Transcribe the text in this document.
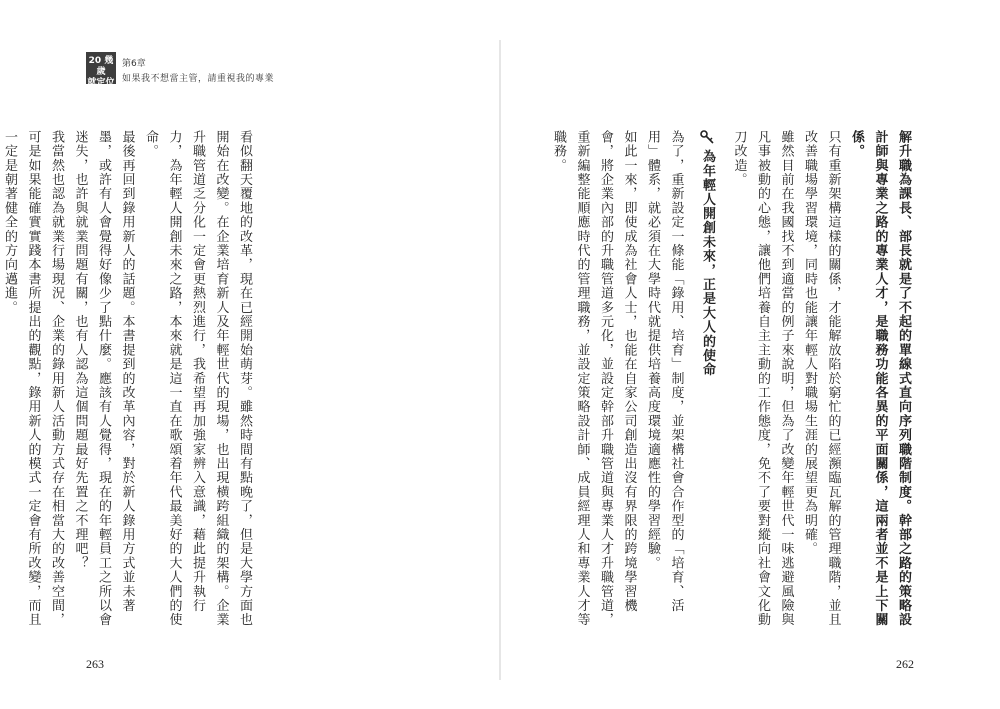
20 幾歲
就定位
第6章
如果我不想當主管，請重視我的專業

看似翻天覆地的改革，現在已經開始萌芽。雖然時間有點晚了，但是大學方面也開始在改變。在企業培育新人及年輕世代的現場，也出現横跨組織的架構。企業升職管道乏分化一定會更熱烈進行，我希望再加強家辨入意識，藉此提升執行力，為年輕人開創未來之路，本來就是這一直在歌頌着年代最美好的大人們的使命。

最後再回到錄用新人的話題。本書提到的改革內容，對於新人錄用方式並未著墨，或許有人會覺得好像少了點什麼。應該有人覺得，現在的年輕員工之所以會迷失，也許與就業問題有關，也有人認為這個問題最好先置之不理吧？

我當然也認為就業行場現況、企業的錄用新人活動方式存在相當大的改善空間，可是如果能確實實踐本書所提出的觀點，錄用新人的模式一定會有所改變，而且一定是朝著健全的方向邁進。

263

解升職為課長、部長就是了不起的單線式直向序列職階制度。幹部之路的策略設計師與專業之路的專業人才，是職務功能各異的平面關係，這兩者並不是上下關係。

只有重新架構這樣的關係，才能解放陷於窮忙的已經瀕臨瓦解的管理職階，並且改善職場學習環境，同時也能讓年輕人對職場生涯的展望更為明確。

雖然目前在我國找不到適當的例子來說明，但為了改變年輕世代一味逃避風險與凡事被動的心態，讓他們培養自主主動的工作態度，免不了要對縱向社會文化動刀改造。

為年輕人開創未來，正是大人的使命

為了，重新設定一條能「錄用、培育」制度，並架構社會合作型的「培育、活用」體系，就必須在大學時代就提供培養高度環境適應性的學習經驗。

如此一來，即使成為社會人士，也能在自家公司創造出沒有界限的跨境學習機會，將企業內部的升職管道多元化，並設定幹部升職管道與專業人才升職管道，重新編整能順應時代的管理職務，並設定策略設計師、成員經理人和專業人才等職務。

262
